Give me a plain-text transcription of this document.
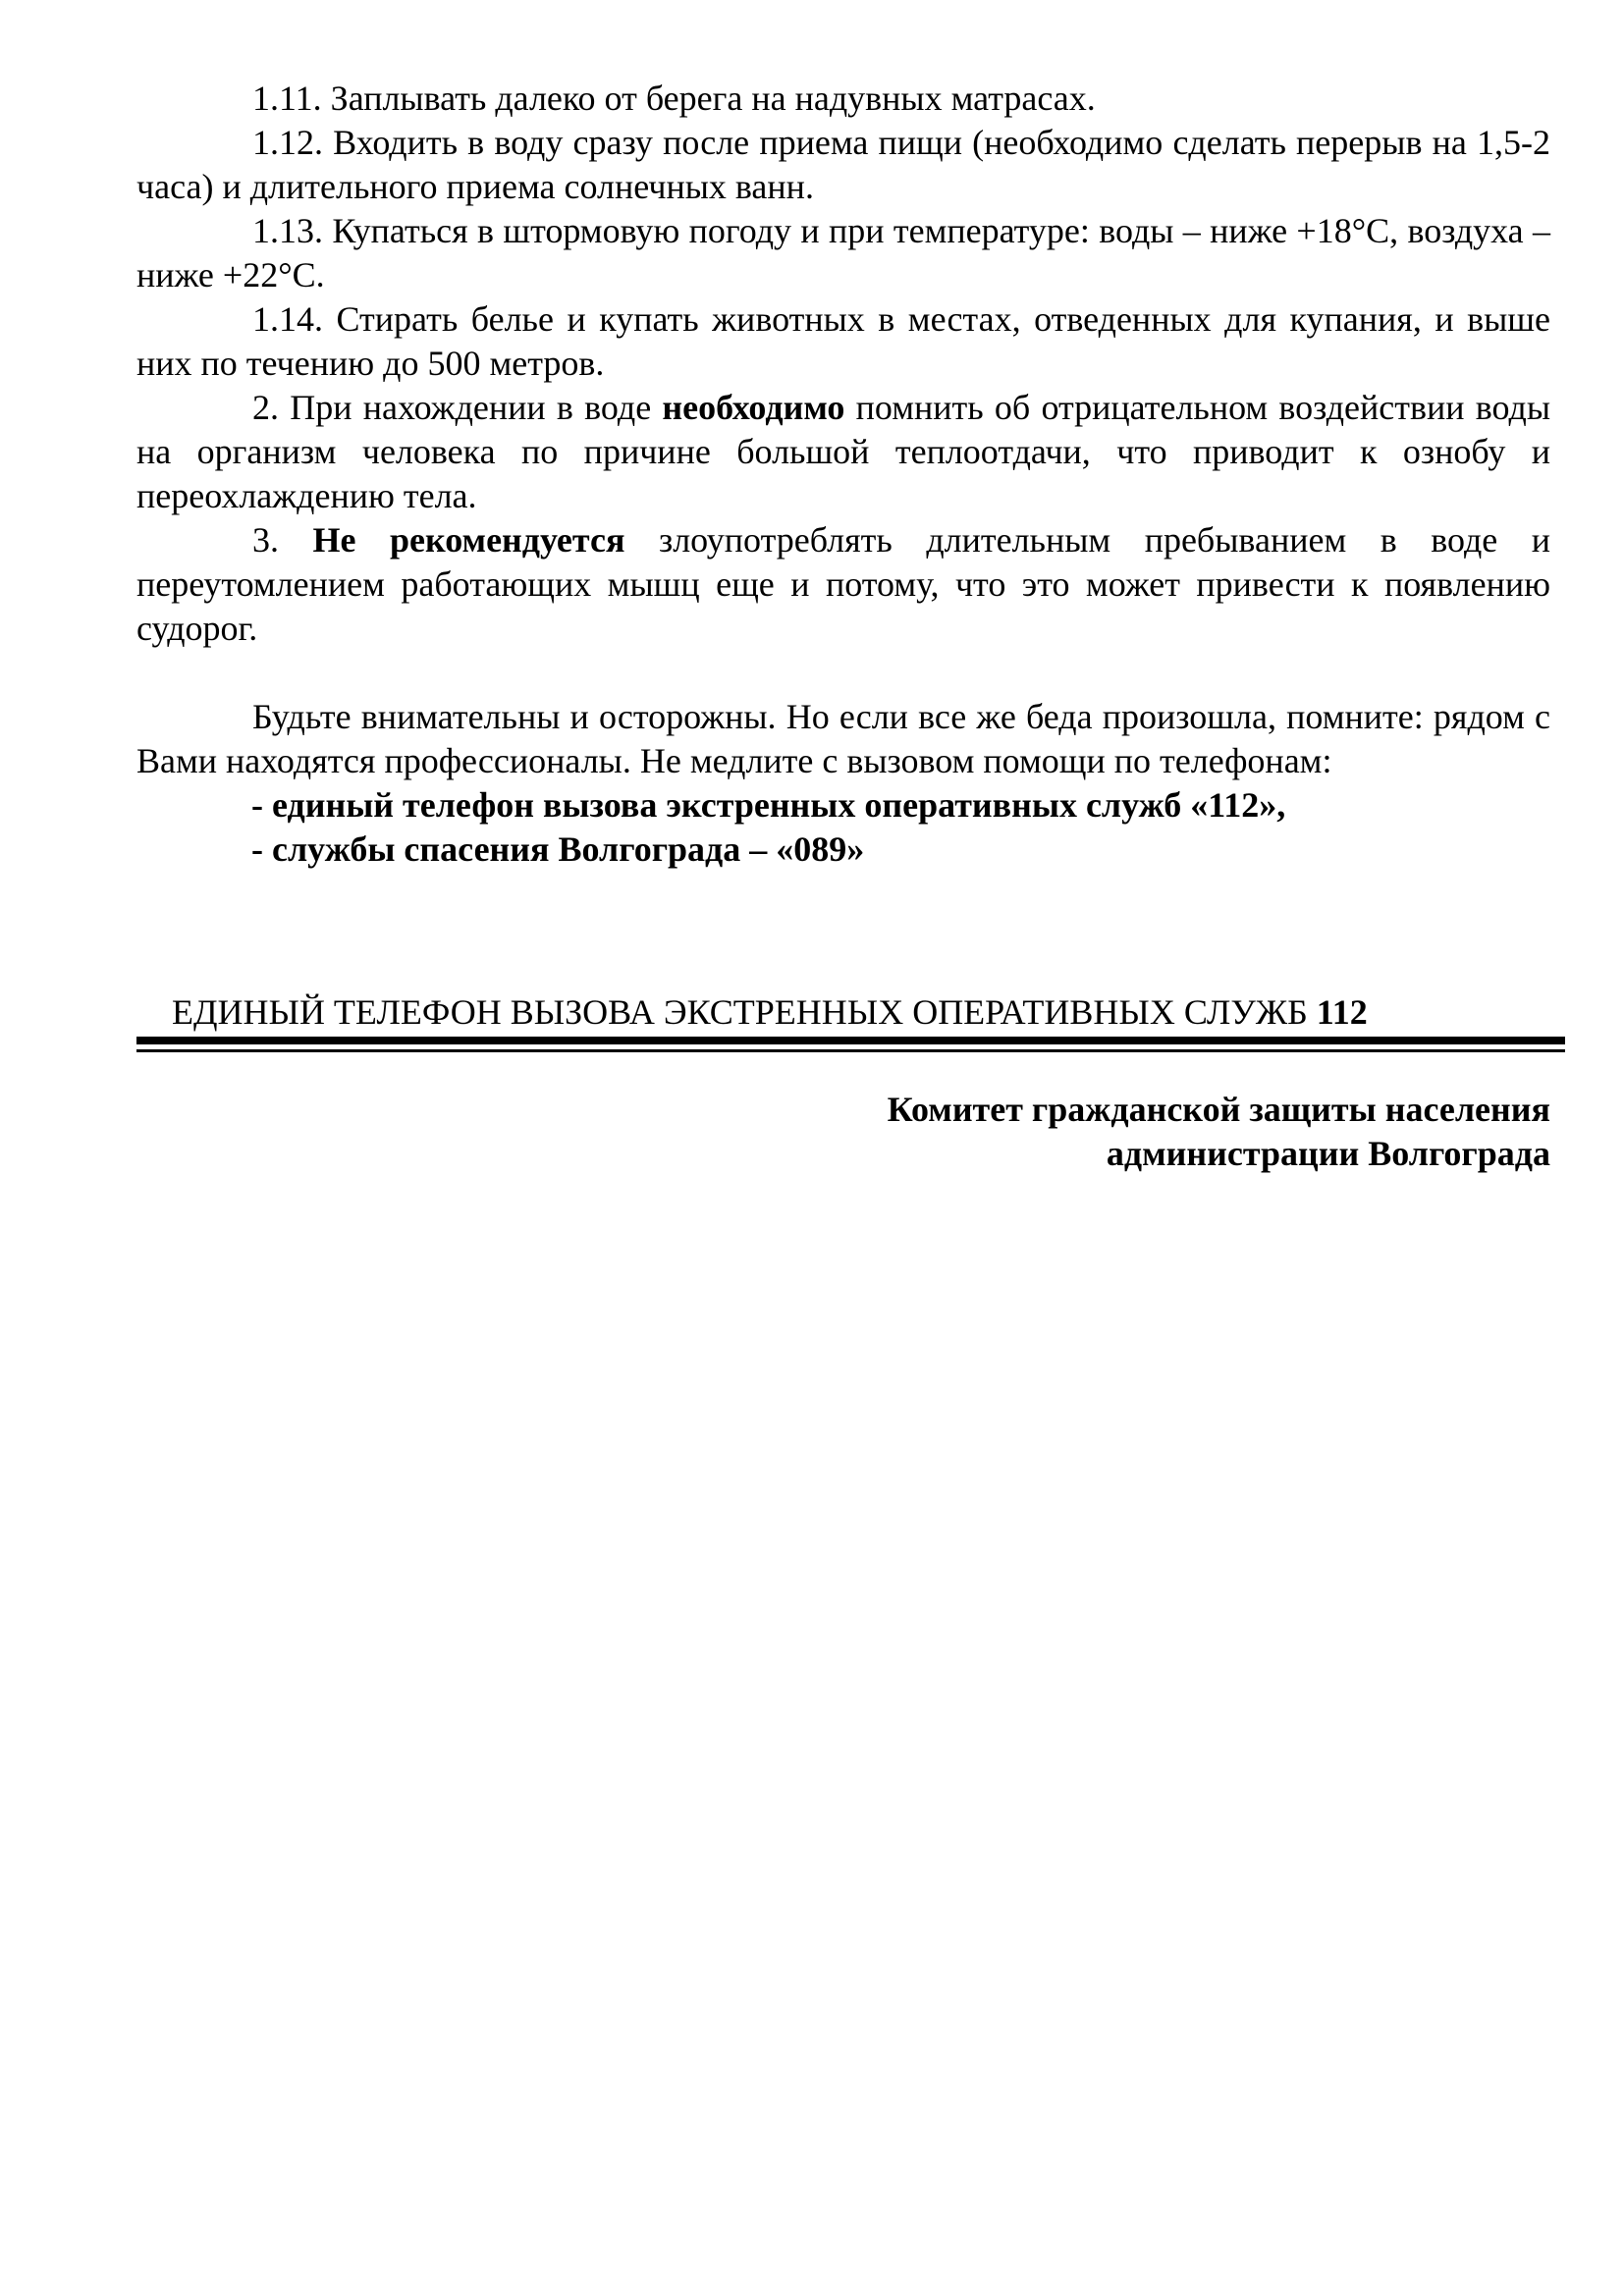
1.11. Заплывать далеко от берега на надувных матрасах.

1.12. Входить в воду сразу после приема пищи (необходимо сделать перерыв на 1,5-2 часа) и длительного приема солнечных ванн.

1.13. Купаться в штормовую погоду и при температуре: воды – ниже +18°С, воздуха – ниже +22°С.

1.14. Стирать белье и купать животных в местах, отведенных для купания, и выше них по течению до 500 метров.

2. При нахождении в воде необходимо помнить об отрицательном воздействии воды на организм человека по причине большой теплоотдачи, что приводит к ознобу и переохлаждению тела.

3. Не рекомендуется злоупотреблять длительным пребыванием в воде и переутомлением работающих мышц еще и потому, что это может привести к появлению судорог.

Будьте внимательны и осторожны. Но если все же беда произошла, помните: рядом с Вами находятся профессионалы. Не медлите с вызовом помощи по телефонам:

- единый телефон вызова экстренных оперативных служб «112»,

- службы спасения Волгограда – «089»

ЕДИНЫЙ ТЕЛЕФОН ВЫЗОВА ЭКСТРЕННЫХ ОПЕРАТИВНЫХ СЛУЖБ 112
Комитет гражданской защиты населения
администрации Волгограда
